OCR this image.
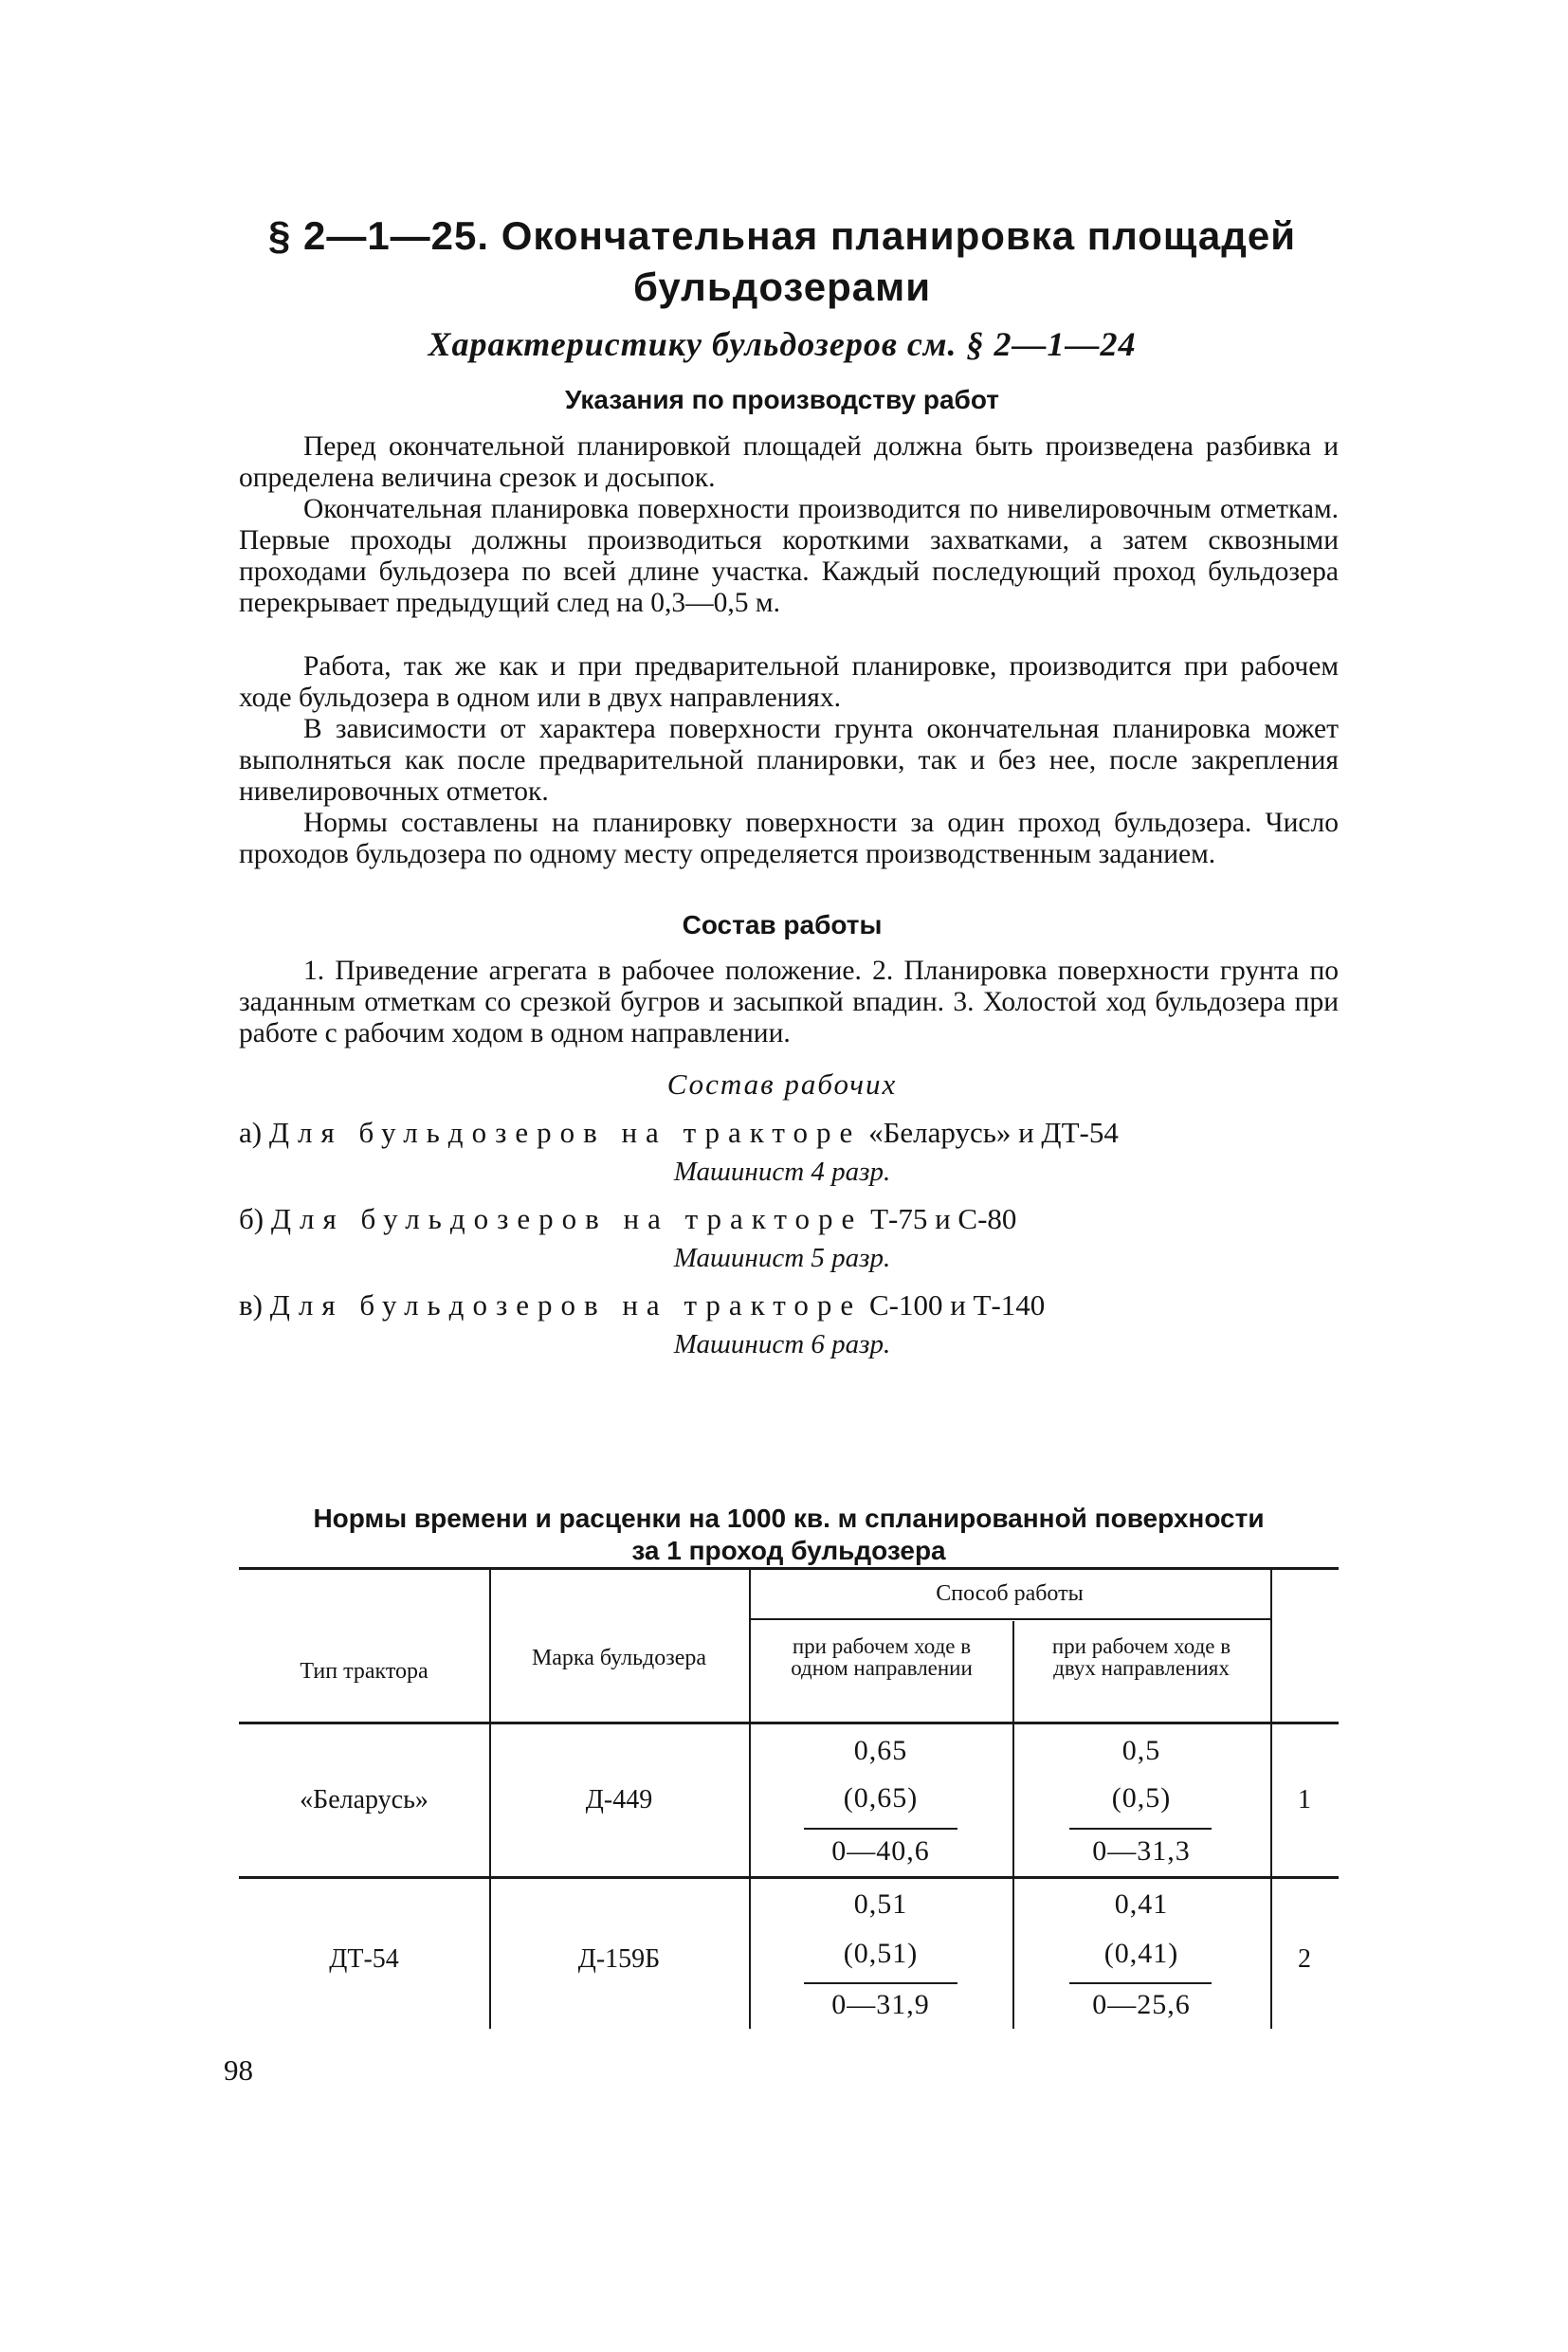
§ 2—1—25. Окончательная планировка площадей
бульдозерами
Характеристику бульдозеров см. § 2—1—24
Указания по производству работ

Перед окончательной планировкой площадей должна быть произведена разбивка и определена величина срезок и досыпок.

Окончательная планировка поверхности производится по нивелировочным отметкам. Первые проходы должны производиться короткими захватками, а затем сквозными проходами бульдозера по всей длине участка. Каждый последующий проход бульдозера перекрывает предыдущий след на 0,3—0,5 м.

Работа, так же как и при предварительной планировке, производится при рабочем ходе бульдозера в одном или в двух направлениях.

В зависимости от характера поверхности грунта окончательная планировка может выполняться как после предварительной планировки, так и без нее, после закрепления нивелировочных отметок.

Нормы составлены на планировку поверхности за один проход бульдозера. Число проходов бульдозера по одному месту определяется производственным заданием.

Состав работы

1. Приведение агрегата в рабочее положение. 2. Планировка поверхности грунта по заданным отметкам со срезкой бугров и засыпкой впадин. 3. Холостой ход бульдозера при работе с рабочим ходом в одном направлении.

Состав рабочих
а) Для бульдозеров на тракторе «Беларусь» и ДТ-54
Машинист 4 разр.
б) Для бульдозеров на тракторе Т-75 и С-80
Машинист 5 разр.
в) Для бульдозеров на тракторе С-100 и Т-140
Машинист 6 разр.
Нормы времени и расценки на 1000 кв. м спланированной поверхности
за 1 проход бульдозера
Тип трактора
Марка бульдозера
Способ работы
при рабочем ходе в одном направлении
при рабочем ходе в двух направлениях
«Беларусь»	Д-449
0,65
(0,65)
0—40,6
0,5
(0,5)
0—31,3
1
ДТ-54	Д-159Б
0,51
(0,51)
0—31,9
0,41
(0,41)
0—25,6
2
98
